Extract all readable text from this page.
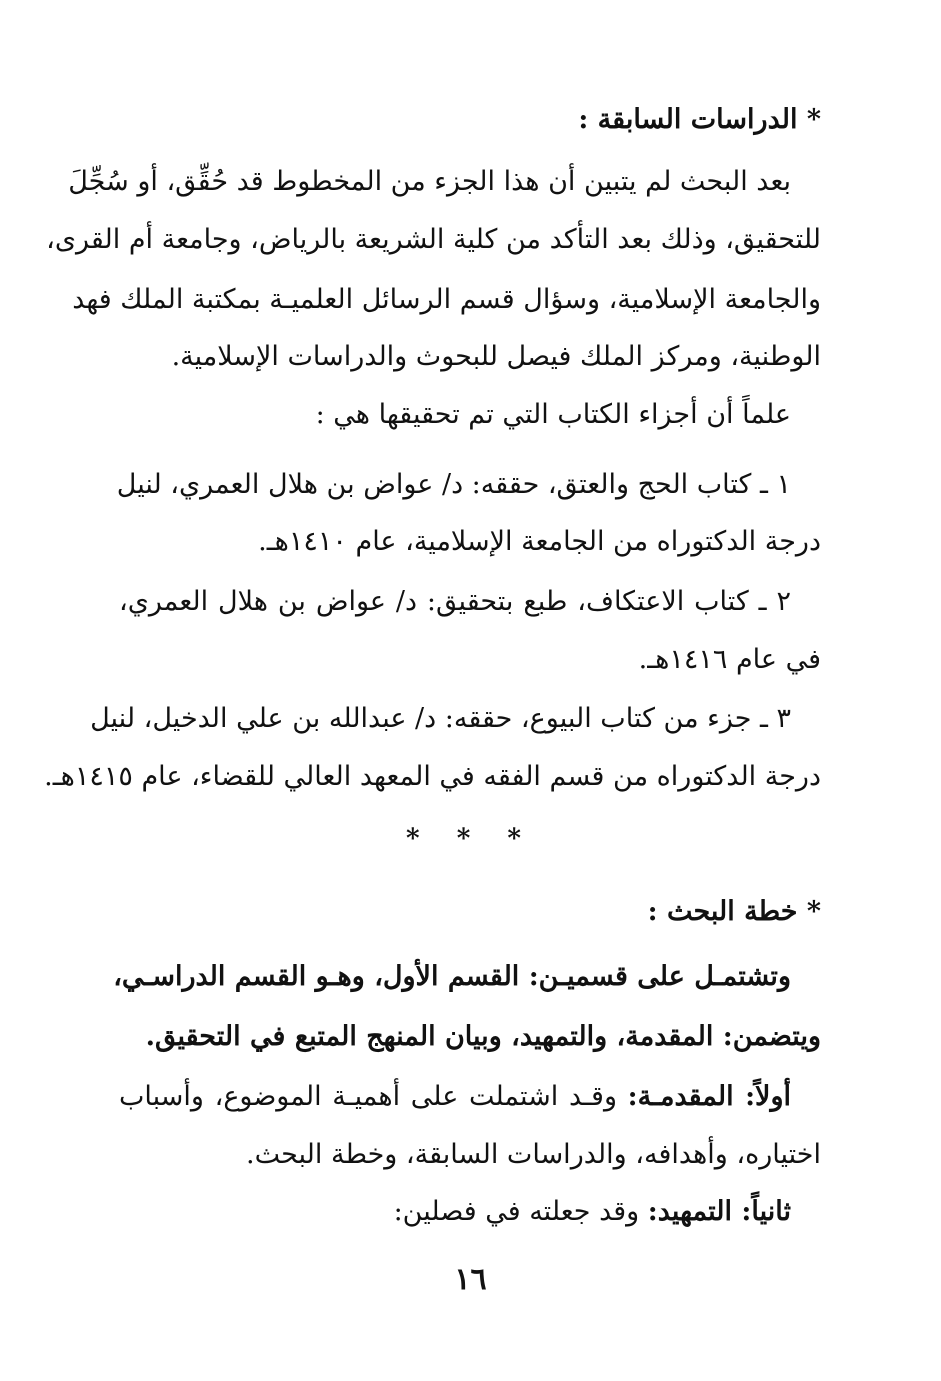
* الدراسات السابقة :
بعد البحث لم يتبين أن هذا الجزء من المخطوط قد حُقِّق، أو سُجِّلَ
للتحقيق، وذلك بعد التأكد من كلية الشريعة بالرياض، وجامعة أم القرى،
والجامعة الإسلامية، وسؤال قسم الرسائل العلميـة بمكتبة الملك فهد
الوطنية، ومركز الملك فيصل للبحوث والدراسات الإسلامية.
علماً أن أجزاء الكتاب التي تم تحقيقها هي :
١ ـ كتاب الحج والعتق، حققه: د/ عواض بن هلال العمري، لنيل
درجة الدكتوراه من الجامعة الإسلامية، عام ١٤١٠هـ.
٢ ـ كتاب الاعتكاف، طبع بتحقيق: د/ عواض بن هلال العمري،
في عام ١٤١٦هـ.
٣ ـ جزء من كتاب البيوع، حققه: د/ عبدالله بن علي الدخيل، لنيل
درجة الدكتوراه من قسم الفقه في المعهد العالي للقضاء، عام ١٤١٥هـ.
* * *
* خطة البحث :
وتشتمـل على قسميـن: القسم الأول، وهـو القسم الدراسـي،
ويتضمن: المقدمة، والتمهيد، وبيان المنهج المتبع في التحقيق.
أولاً: المقدمـة: وقـد اشتملت على أهميـة الموضوع، وأسباب
اختياره، وأهدافه، والدراسات السابقة، وخطة البحث.
ثانياً: التمهيد: وقد جعلته في فصلين:
١٦
